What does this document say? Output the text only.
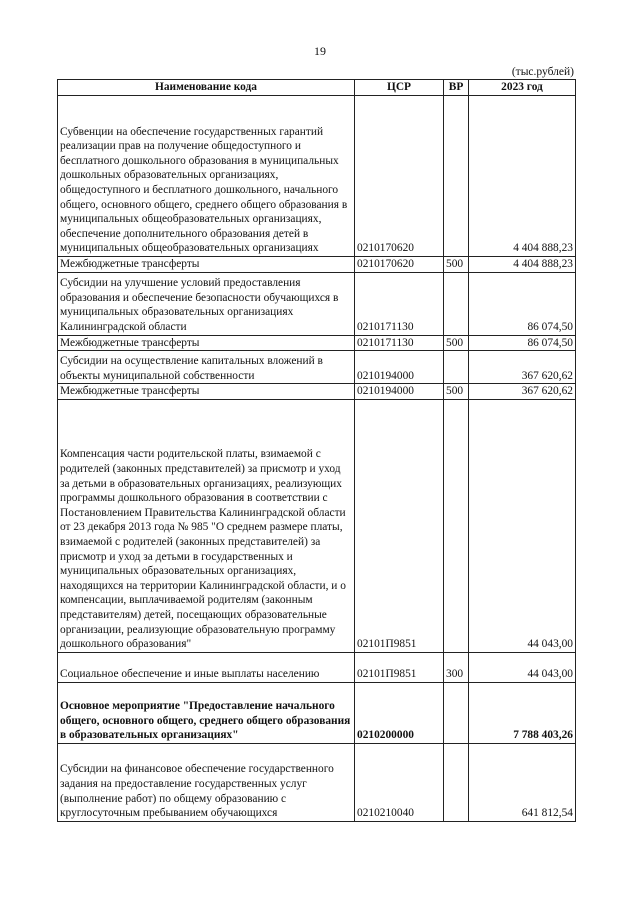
19
(тыс.рублей)
Наименование кода	ЦСР	ВР	2023 год
Субвенции на обеспечение государственных гарантий реализации прав на получение общедоступного и бесплатного дошкольного образования в муниципальных дошкольных образовательных организациях, общедоступного и бесплатного дошкольного, начального общего, основного общего, среднего общего образования в муниципальных общеобразовательных организациях, обеспечение дополнительного образования детей в муниципальных общеобразовательных организациях	0210170620		4 404 888,23
Межбюджетные трансферты	0210170620	500	4 404 888,23
Субсидии на улучшение условий предоставления образования и обеспечение безопасности обучающихся в муниципальных образовательных организациях Калининградской области	0210171130		86 074,50
Межбюджетные трансферты	0210171130	500	86 074,50
Субсидии на осуществление капитальных вложений в объекты муниципальной собственности	0210194000		367 620,62
Межбюджетные трансферты	0210194000	500	367 620,62
Компенсация части родительской платы, взимаемой с родителей (законных представителей) за присмотр и уход за детьми в образовательных организациях, реализующих программы дошкольного образования в соответствии с Постановлением Правительства Калининградской области от 23 декабря 2013 года № 985 "О среднем размере платы, взимаемой с родителей (законных представителей) за присмотр и уход за детьми в государственных и муниципальных образовательных организациях, находящихся на территории Калининградской области, и о компенсации, выплачиваемой родителям (законным представителям) детей, посещающих образовательные организации, реализующие образовательную программу дошкольного образования"	02101П9851		44 043,00
Социальное обеспечение и иные выплаты населению	02101П9851	300	44 043,00
Основное мероприятие "Предоставление начального общего, основного общего, среднего общего образования в образовательных организациях"	0210200000		7 788 403,26
Субсидии на финансовое обеспечение государственного задания на предоставление государственных услуг (выполнение работ) по общему образованию с круглосуточным пребыванием обучающихся	0210210040		641 812,54
